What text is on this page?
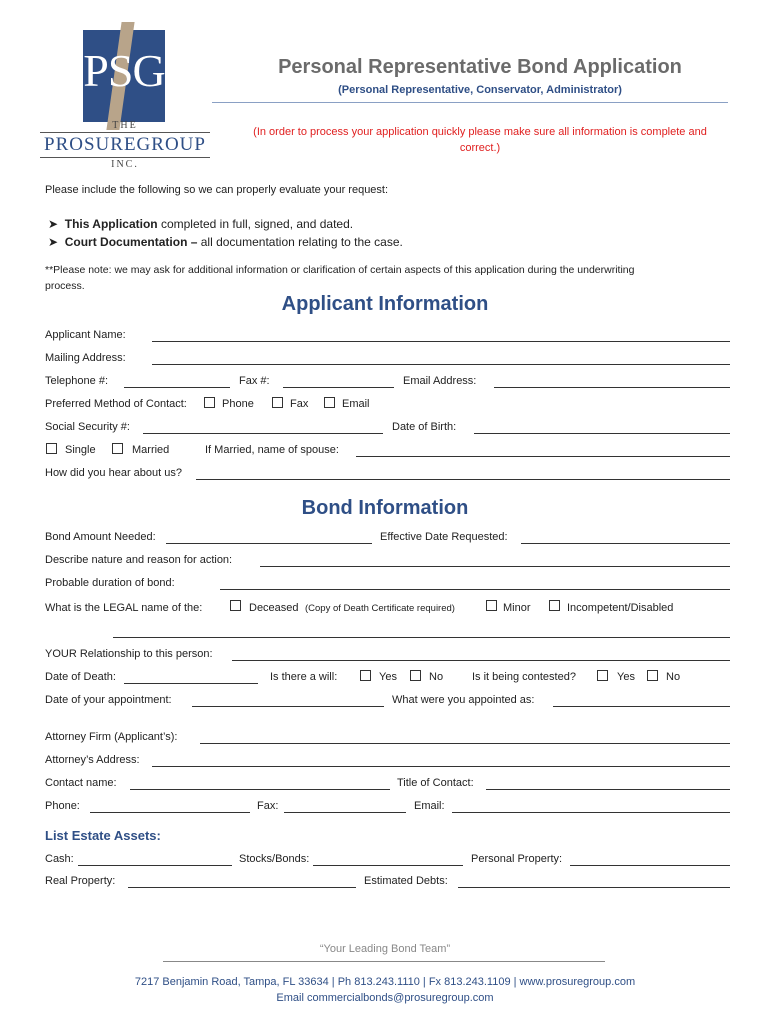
PSG
THE
PROSUREGROUP
INC.
Personal Representative Bond Application
(Personal Representative, Conservator, Administrator)
(In order to process your application quickly please make sure all information is complete and
correct.)
Please include the following so we can properly evaluate your request:
➤ This Application completed in full, signed, and dated.
➤ Court Documentation – all documentation relating to the case.
**Please note: we may ask for additional information or clarification of certain aspects of this application during the underwriting
process.
Applicant Information
Applicant Name:
Mailing Address:
Telephone #:	Fax #:	Email Address:
Preferred Method of Contact:	Phone	Fax	Email
Social Security #:	Date of Birth:
Single	Married	If Married, name of spouse:
How did you hear about us?
Bond Information
Bond Amount Needed:	Effective Date Requested:
Describe nature and reason for action:
Probable duration of bond:
What is the LEGAL name of the:	Deceased (Copy of Death Certificate required)	Minor	Incompetent/Disabled
YOUR Relationship to this person:
Date of Death:	Is there a will:	Yes	No	Is it being contested?	Yes	No
Date of your appointment:	What were you appointed as:
Attorney Firm (Applicant’s):
Attorney’s Address:
Contact name:	Title of Contact:
Phone:	Fax:	Email:
List Estate Assets:
Cash:	Stocks/Bonds:	Personal Property:
Real Property:	Estimated Debts:
“Your Leading Bond Team”
7217 Benjamin Road, Tampa, FL 33634 | Ph 813.243.1110 | Fx 813.243.1109 | www.prosuregroup.com
Email commercialbonds@prosuregroup.com
